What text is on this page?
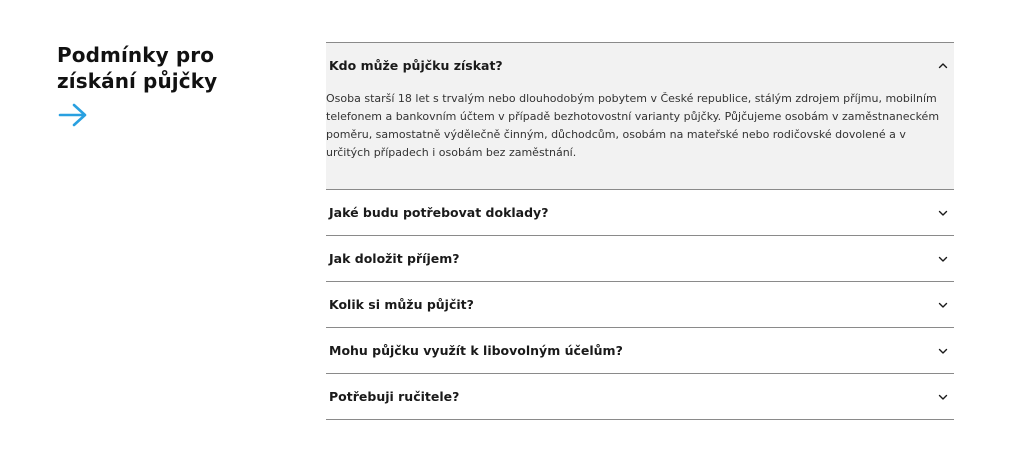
Podmínky pro získání půjčky
Kdo může půjčku získat?

Osoba starší 18 let s trvalým nebo dlouhodobým pobytem v České republice, stálým zdrojem příjmu, mobilním telefonem a bankovním účtem v případě bezhotovostní varianty půjčky. Půjčujeme osobám v zaměstnaneckém poměru, samostatně výdělečně činným, důchodcům, osobám na mateřské nebo rodičovské dovolené a v určitých případech i osobám bez zaměstnání.

Jaké budu potřebovat doklady?
Jak doložit příjem?
Kolik si můžu půjčit?
Mohu půjčku využít k libovolným účelům?
Potřebuji ručitele?
